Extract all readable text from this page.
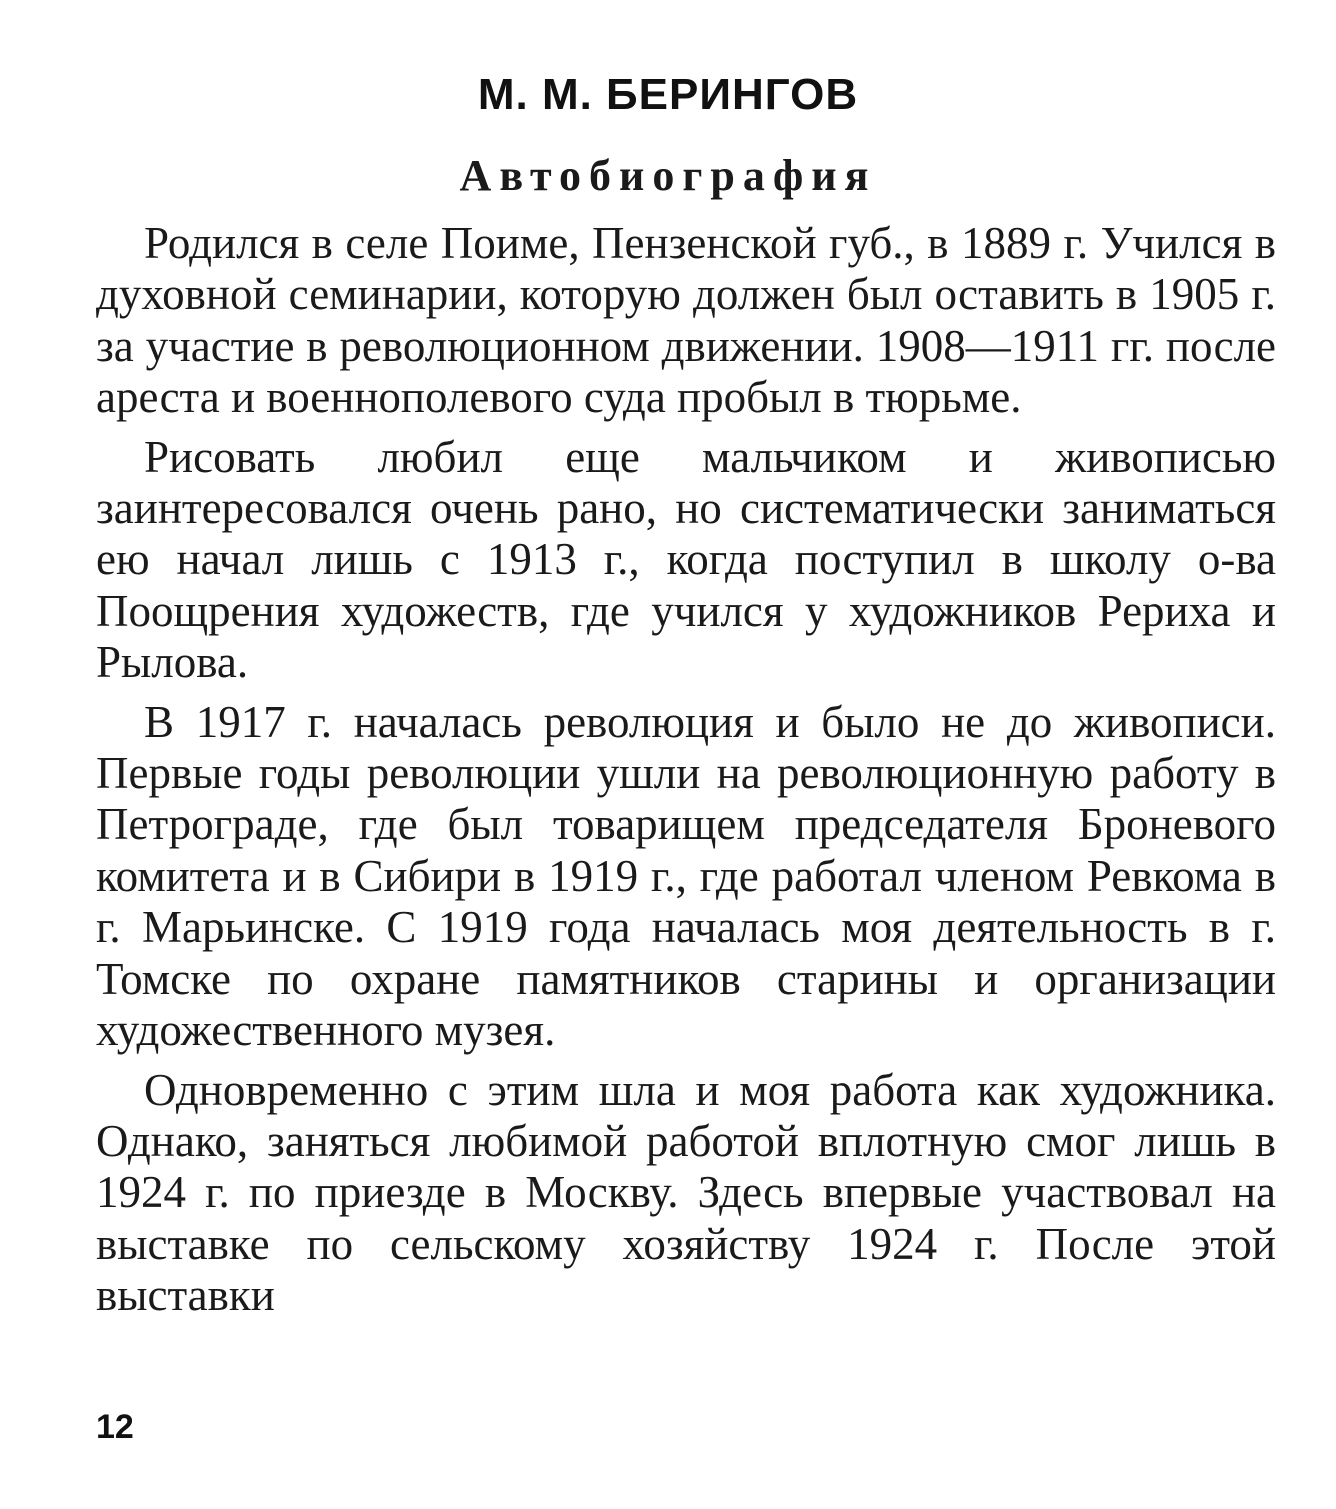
М. М. БЕРИНГОВ
Автобиография

Родился в селе Поиме, Пензенской губ., в 1889 г. Учился в духовной семинарии, которую должен был оставить в 1905 г. за участие в революционном движении. 1908—1911 гг. после ареста и военнополевого суда пробыл в тюрьме.

Рисовать любил еще мальчиком и живописью заинтересовался очень рано, но систематически заниматься ею начал лишь с 1913 г., когда поступил в школу о-ва Поощрения художеств, где учился у художников Рериха и Рылова.

В 1917 г. началась революция и было не до живописи. Первые годы революции ушли на революционную работу в Петрограде, где был товарищем председателя Броневого комитета и в Сибири в 1919 г., где работал членом Ревкома в г. Марьинске. С 1919 года началась моя деятельность в г. Томске по охране памятников старины и организации художественного музея.

Одновременно с этим шла и моя работа как художника. Однако, заняться любимой работой вплотную смог лишь в 1924 г. по приезде в Москву. Здесь впервые участвовал на выставке по сельскому хозяйству 1924 г. После этой выставки

12
